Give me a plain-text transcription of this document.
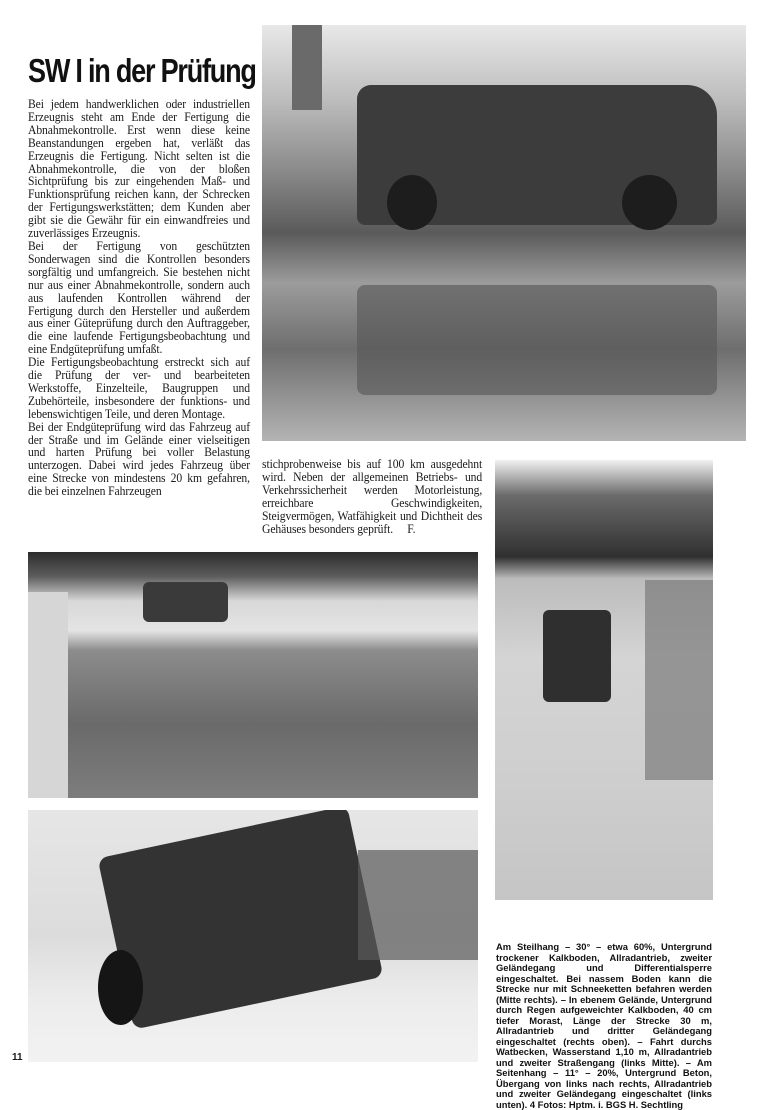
SW I in der Prüfung

Bei jedem handwerklichen oder industriellen Erzeugnis steht am Ende der Fertigung die Abnahmekontrolle. Erst wenn diese keine Beanstandungen ergeben hat, verläßt das Erzeugnis die Fertigung. Nicht selten ist die Abnahmekontrolle, die von der bloßen Sichtprüfung bis zur eingehenden Maß- und Funktionsprüfung reichen kann, der Schrecken der Fertigungswerkstätten; dem Kunden aber gibt sie die Gewähr für ein einwandfreies und zuverlässiges Erzeugnis.

Bei der Fertigung von geschützten Sonderwagen sind die Kontrollen besonders sorgfältig und umfangreich. Sie bestehen nicht nur aus einer Abnahmekontrolle, sondern auch aus laufenden Kontrollen während der Fertigung durch den Hersteller und außerdem aus einer Güteprüfung durch den Auftraggeber, die eine laufende Fertigungsbeobachtung und eine Endgüteprüfung umfaßt.

Die Fertigungsbeobachtung erstreckt sich auf die Prüfung der ver- und bearbeiteten Werkstoffe, Einzelteile, Baugruppen und Zubehörteile, insbesondere der funktions- und lebenswichtigen Teile, und deren Montage.

Bei der Endgüteprüfung wird das Fahrzeug auf der Straße und im Gelände einer vielseitigen und harten Prüfung bei voller Belastung unterzogen. Dabei wird jedes Fahrzeug über eine Strecke von mindestens 20 km gefahren, die bei einzelnen Fahrzeugen

stichprobenweise bis auf 100 km ausgedehnt wird. Neben der allgemeinen Betriebs- und Verkehrssicherheit werden Motorleistung, erreichbare Geschwindigkeiten, Steigvermögen, Watfähigkeit und Dichtheit des Gehäuses besonders geprüft. F.

Am Steilhang – 30° – etwa 60%, Untergrund trockener Kalkboden, Allradantrieb, zweiter Geländegang und Differentialsperre eingeschaltet. Bei nassem Boden kann die Strecke nur mit Schneeketten befahren werden (Mitte rechts). – In ebenem Gelände, Untergrund durch Regen aufgeweichter Kalkboden, 40 cm tiefer Morast, Länge der Strecke 30 m, Allradantrieb und dritter Geländegang eingeschaltet (rechts oben). – Fahrt durchs Watbecken, Wasserstand 1,10 m, Allradantrieb und zweiter Straßengang (links Mitte). – Am Seitenhang – 11° – 20%, Untergrund Beton, Übergang von links nach rechts, Allradantrieb und zweiter Geländegang eingeschaltet (links unten). 4 Fotos: Hptm. i. BGS H. Sechtling
11
